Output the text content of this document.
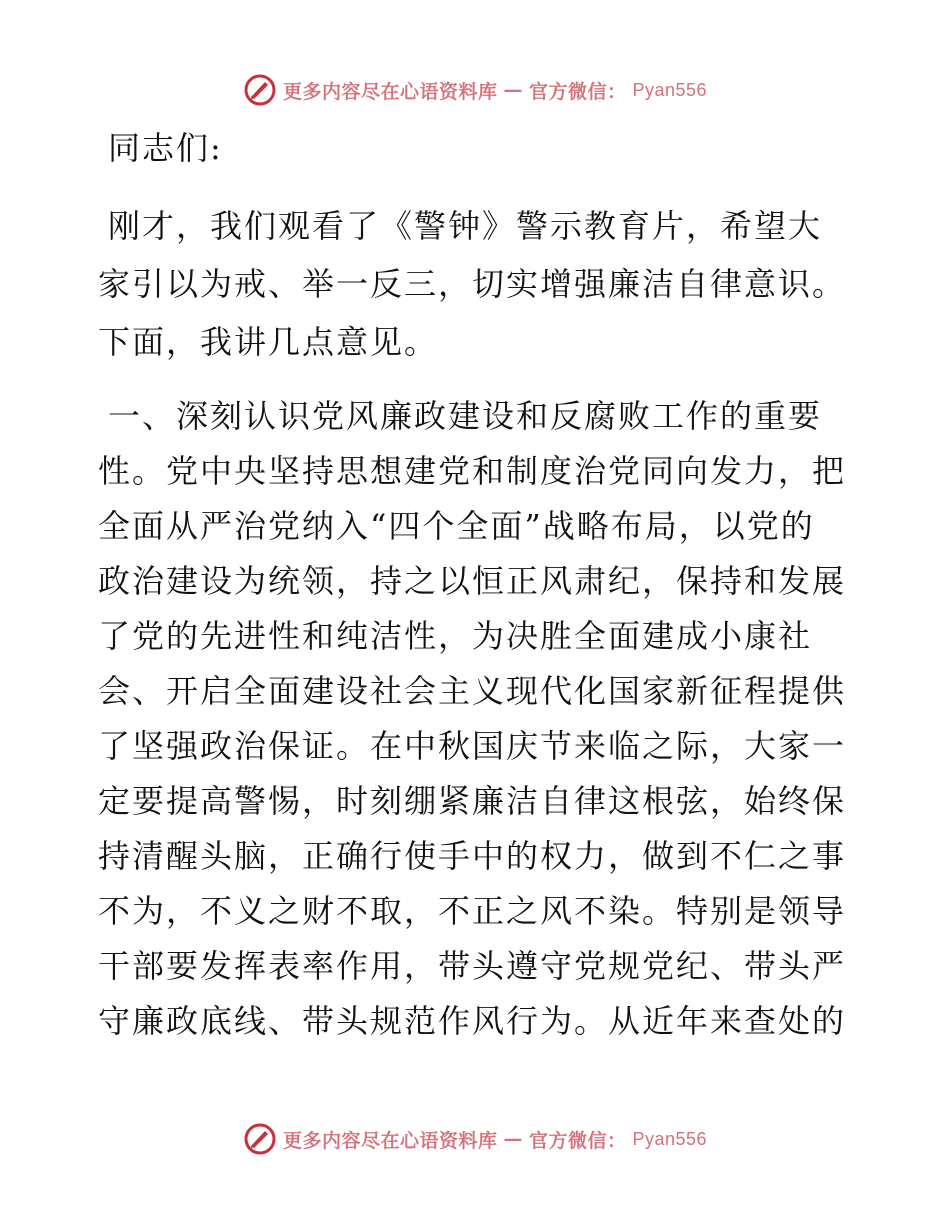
更多内容尽在心语资料库 — 官方微信： Pyan556
同志们:
刚才，我们观看了《警钟》警示教育片，希望大
家引以为戒、举一反三，切实增强廉洁自律意识。
下面，我讲几点意见。
一、深刻认识党风廉政建设和反腐败工作的重要
性。党中央坚持思想建党和制度治党同向发力，把
全面从严治党纳入“四个全面”战略布局，以党的
政治建设为统领，持之以恒正风肃纪，保持和发展
了党的先进性和纯洁性，为决胜全面建成小康社
会、开启全面建设社会主义现代化国家新征程提供
了坚强政治保证。在中秋国庆节来临之际，大家一
定要提高警惕，时刻绷紧廉洁自律这根弦，始终保
持清醒头脑，正确行使手中的权力，做到不仁之事
不为，不义之财不取，不正之风不染。特别是领导
干部要发挥表率作用，带头遵守党规党纪、带头严
守廉政底线、带头规范作风行为。从近年来查处的
更多内容尽在心语资料库 — 官方微信： Pyan556
